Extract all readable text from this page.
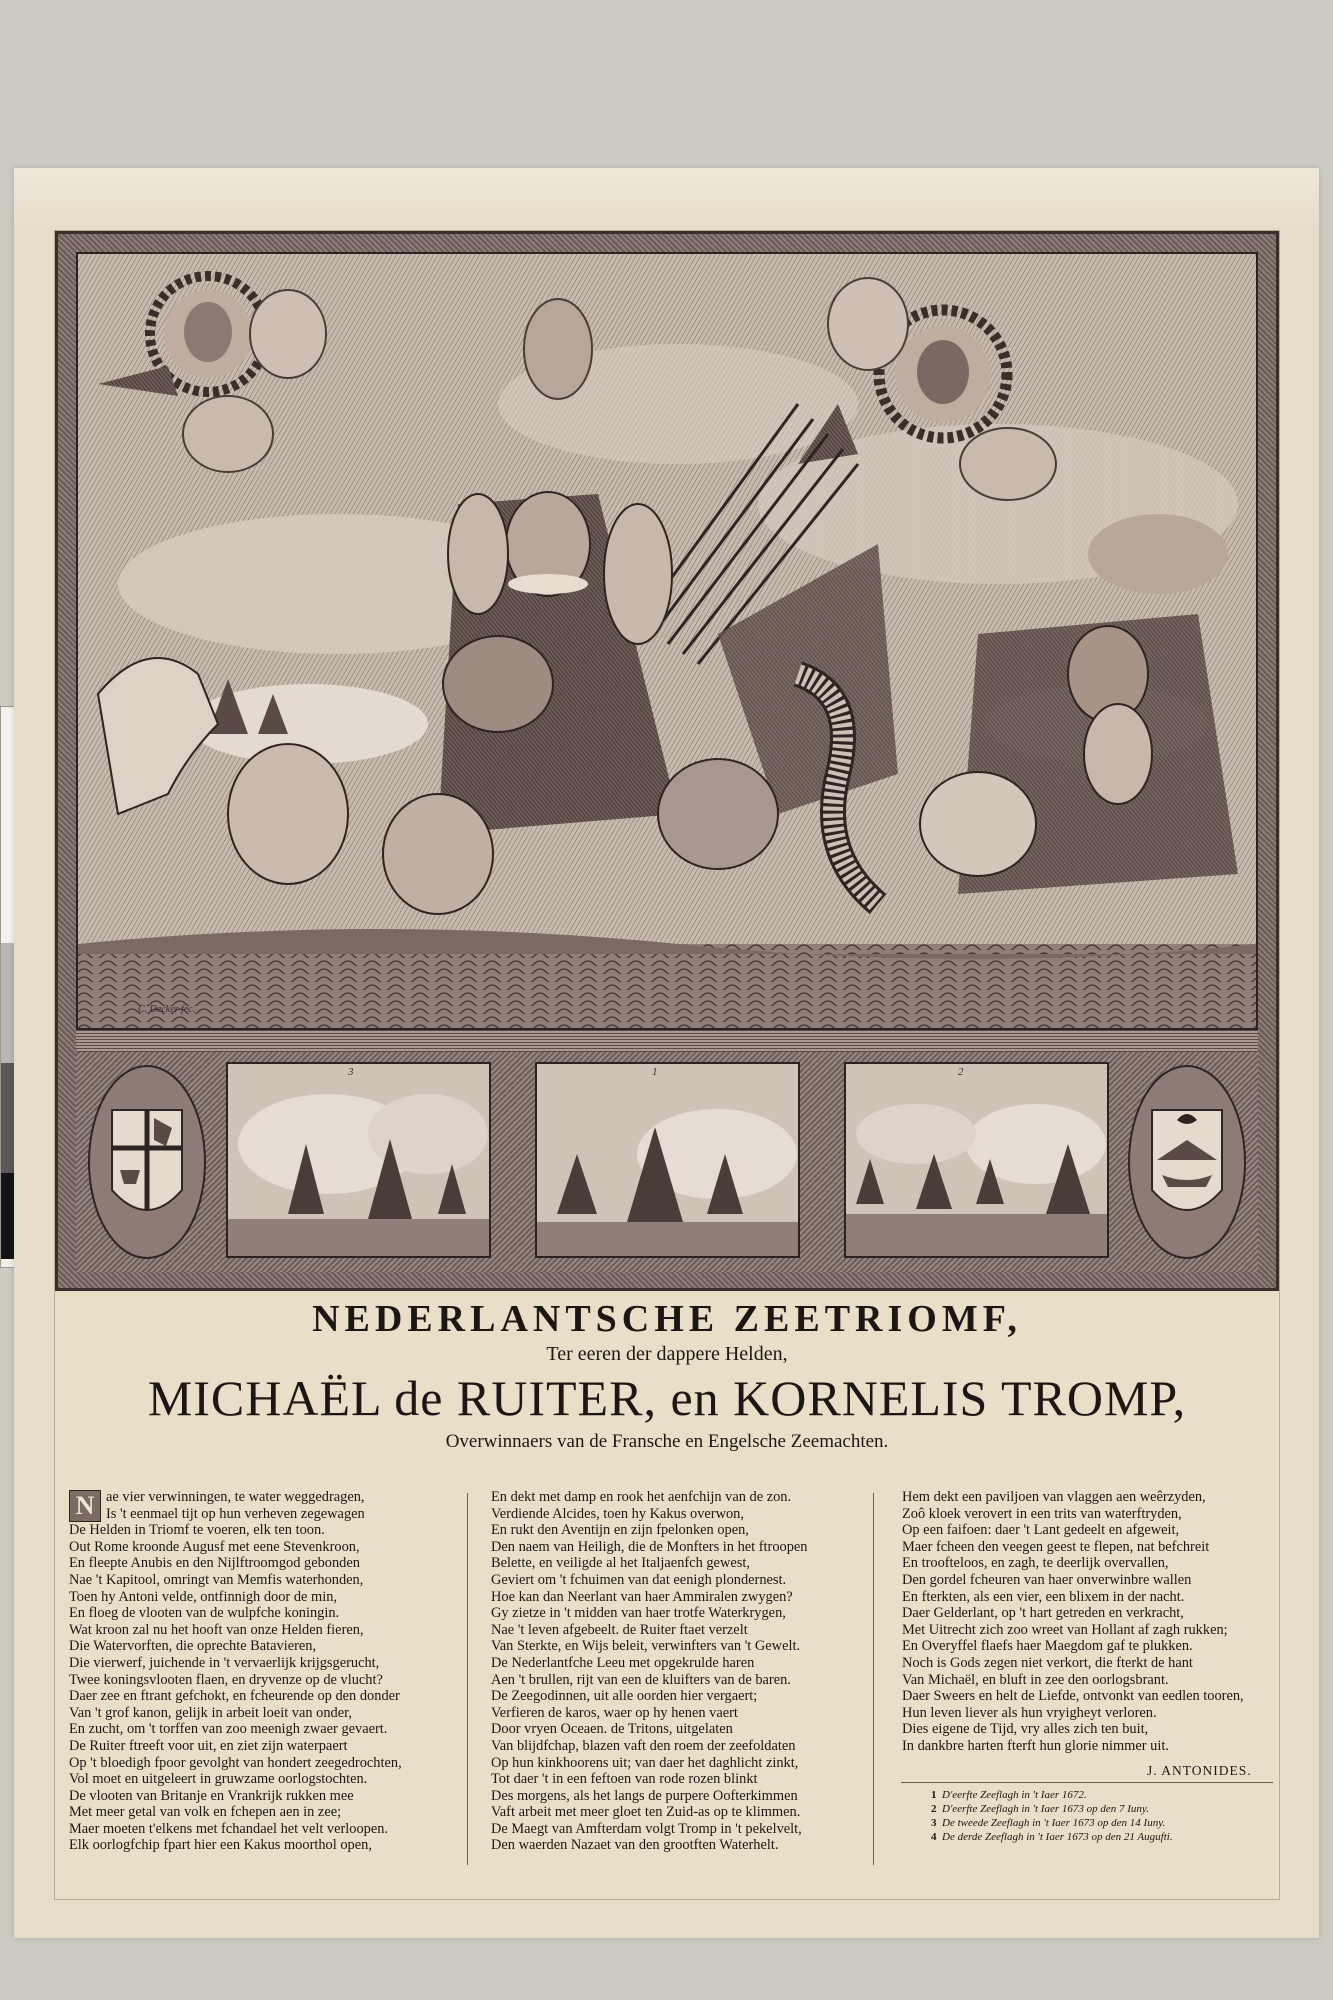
C. Decker fec.
3	1	2
NEDERLANTSCHE ZEETRIOMF,
Ter eeren der dappere Helden,
MICHAËL de RUITER, en KORNELIS TROMP,
Overwinnaers van de Fransche en Engelsche Zeemachten.
N ae vier verwinningen, te water weggedragen,
Is 't eenmael tijt op hun verheven zegewagen
De Helden in Triomf te voeren, elk ten toon.
Out Rome kroonde Augusf met eene Stevenkroon,
En fleepte Anubis en den Nijlftroomgod gebonden
Nae 't Kapitool, omringt van Memfis waterhonden,
Toen hy Antoni velde, ontfinnigh door de min,
En floeg de vlooten van de wulpfche koningin.
Wat kroon zal nu het hooft van onze Helden fieren,
Die Watervorften, die oprechte Batavieren,
Die vierwerf, juichende in 't vervaerlijk krijgsgerucht,
Twee koningsvlooten flaen, en dryvenze op de vlucht?
Daer zee en ftrant gefchokt, en fcheurende op den donder
Van 't grof kanon, gelijk in arbeit loeit van onder,
En zucht, om 't torffen van zoo meenigh zwaer gevaert.
De Ruiter ftreeft voor uit, en ziet zijn waterpaert
Op 't bloedigh fpoor gevolght van hondert zeegedrochten,
Vol moet en uitgeleert in gruwzame oorlogstochten.
De vlooten van Britanje en Vrankrijk rukken mee
Met meer getal van volk en fchepen aen in zee;
Maer moeten t'elkens met fchandael het velt verloopen.
Elk oorlogfchip fpart hier een Kakus moorthol open,
En dekt met damp en rook het aenfchijn van de zon.
Verdiende Alcides, toen hy Kakus overwon,
En rukt den Aventijn en zijn fpelonken open,
Den naem van Heiligh, die de Monfters in het ftroopen
Belette, en veiligde al het Italjaenfch gewest,
Geviert om 't fchuimen van dat eenigh plondernest.
Hoe kan dan Neerlant van haer Ammiralen zwygen?
Gy zietze in 't midden van haer trotfe Waterkrygen,
Nae 't leven afgebeelt. de Ruiter ftaet verzelt
Van Sterkte, en Wijs beleit, verwinfters van 't Gewelt.
De Nederlantfche Leeu met opgekrulde haren
Aen 't brullen, rijt van een de kluifters van de baren.
De Zeegodinnen, uit alle oorden hier vergaert;
Verfieren de karos, waer op hy henen vaert
Door vryen Oceaen. de Tritons, uitgelaten
Van blijdfchap, blazen vaft den roem der zeefoldaten
Op hun kinkhoorens uit; van daer het daghlicht zinkt,
Tot daer 't in een feftoen van rode rozen blinkt
Des morgens, als het langs de purpere Oofterkimmen
Vaft arbeit met meer gloet ten Zuid-as op te klimmen.
De Maegt van Amfterdam volgt Tromp in 't pekelvelt,
Den waerden Nazaet van den grootften Waterhelt.
Hem dekt een paviljoen van vlaggen aen weêrzyden,
Zoô kloek verovert in een trits van waterftryden,
Op een faifoen: daer 't Lant gedeelt en afgeweit,
Maer fcheen den veegen geest te flepen, nat befchreit
En troofteloos, en zagh, te deerlijk overvallen,
Den gordel fcheuren van haer onverwinbre wallen
En fterkten, als een vier, een blixem in der nacht.
Daer Gelderlant, op 't hart getreden en verkracht,
Met Uitrecht zich zoo wreet van Hollant af zagh rukken;
En Overyffel flaefs haer Maegdom gaf te plukken.
Noch is Gods zegen niet verkort, die fterkt de hant
Van Michaël, en bluft in zee den oorlogsbrant.
Daer Sweers en helt de Liefde, ontvonkt van eedlen tooren,
Hun leven liever als hun vryigheyt verloren.
Dies eigene de Tijd, vry alles zich ten buit,
In dankbre harten fterft hun glorie nimmer uit.
J. ANTONIDES.
1 D'eerfte Zeeflagh in 't Iaer 1672.
2 D'eerfte Zeeflagh in 't Iaer 1673 op den 7 Iuny.
3 De tweede Zeeflagh in 't Iaer 1673 op den 14 Iuny.
4 De derde Zeeflagh in 't Iaer 1673 op den 21 Augufti.
